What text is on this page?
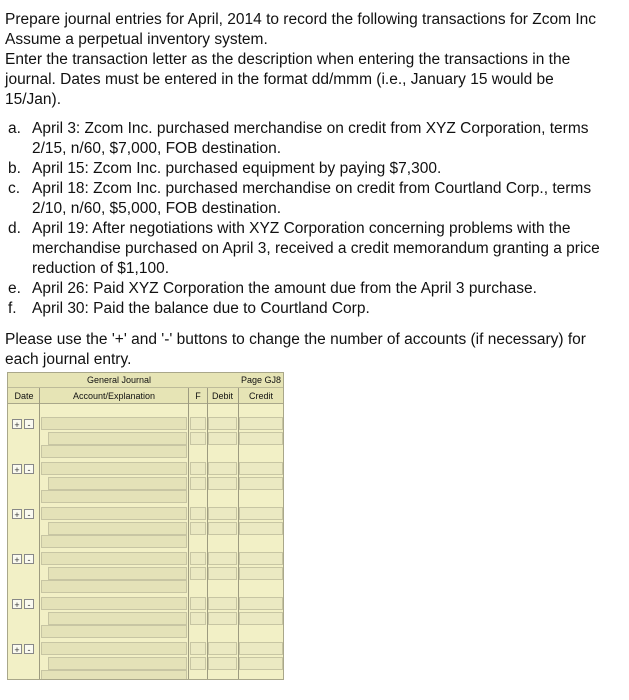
Prepare journal entries for April, 2014 to record the following transactions for Zcom Inc
Assume a perpetual inventory system.
Enter the transaction letter as the description when entering the transactions in the
journal. Dates must be entered in the format dd/mmm (i.e., January 15 would be
15/Jan).

a. April 3: Zcom Inc. purchased merchandise on credit from XYZ Corporation, terms
2/15, n/60, $7,000, FOB destination.
b. April 15: Zcom Inc. purchased equipment by paying $7,300.
c. April 18: Zcom Inc. purchased merchandise on credit from Courtland Corp., terms
2/10, n/60, $5,000, FOB destination.
d. April 19: After negotiations with XYZ Corporation concerning problems with the
merchandise purchased on April 3, received a credit memorandum granting a price
reduction of $1,100.
e. April 26: Paid XYZ Corporation the amount due from the April 3 purchase.
f. April 30: Paid the balance due to Courtland Corp.

Please use the '+' and '-' buttons to change the number of accounts (if necessary) for
each journal entry.

General Journal	Page GJ8
Date	Account/Explanation	F	Debit	Credit
+ -
+ -
+ -
+ -
+ -
+ -
